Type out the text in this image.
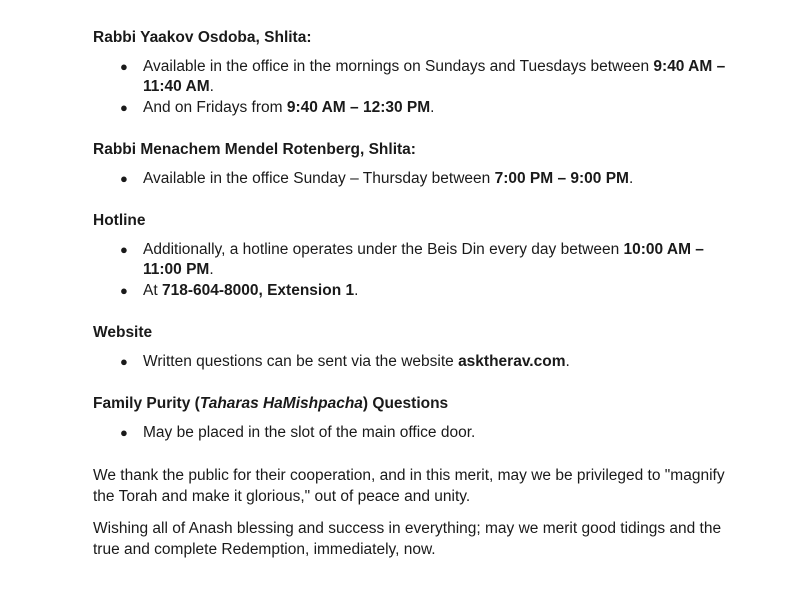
Rabbi Yaakov Osdoba, Shlita:

● Available in the office in the mornings on Sundays and Tuesdays between 9:40 AM – 11:40 AM.
● And on Fridays from 9:40 AM – 12:30 PM.

Rabbi Menachem Mendel Rotenberg, Shlita:

● Available in the office Sunday – Thursday between 7:00 PM – 9:00 PM.

Hotline

● Additionally, a hotline operates under the Beis Din every day between 10:00 AM – 11:00 PM.
● At 718-604-8000, Extension 1.

Website

● Written questions can be sent via the website asktherav.com.

Family Purity (Taharas HaMishpacha) Questions

● May be placed in the slot of the main office door.

We thank the public for their cooperation, and in this merit, may we be privileged to "magnify the Torah and make it glorious," out of peace and unity.

Wishing all of Anash blessing and success in everything; may we merit good tidings and the true and complete Redemption, immediately, now.
